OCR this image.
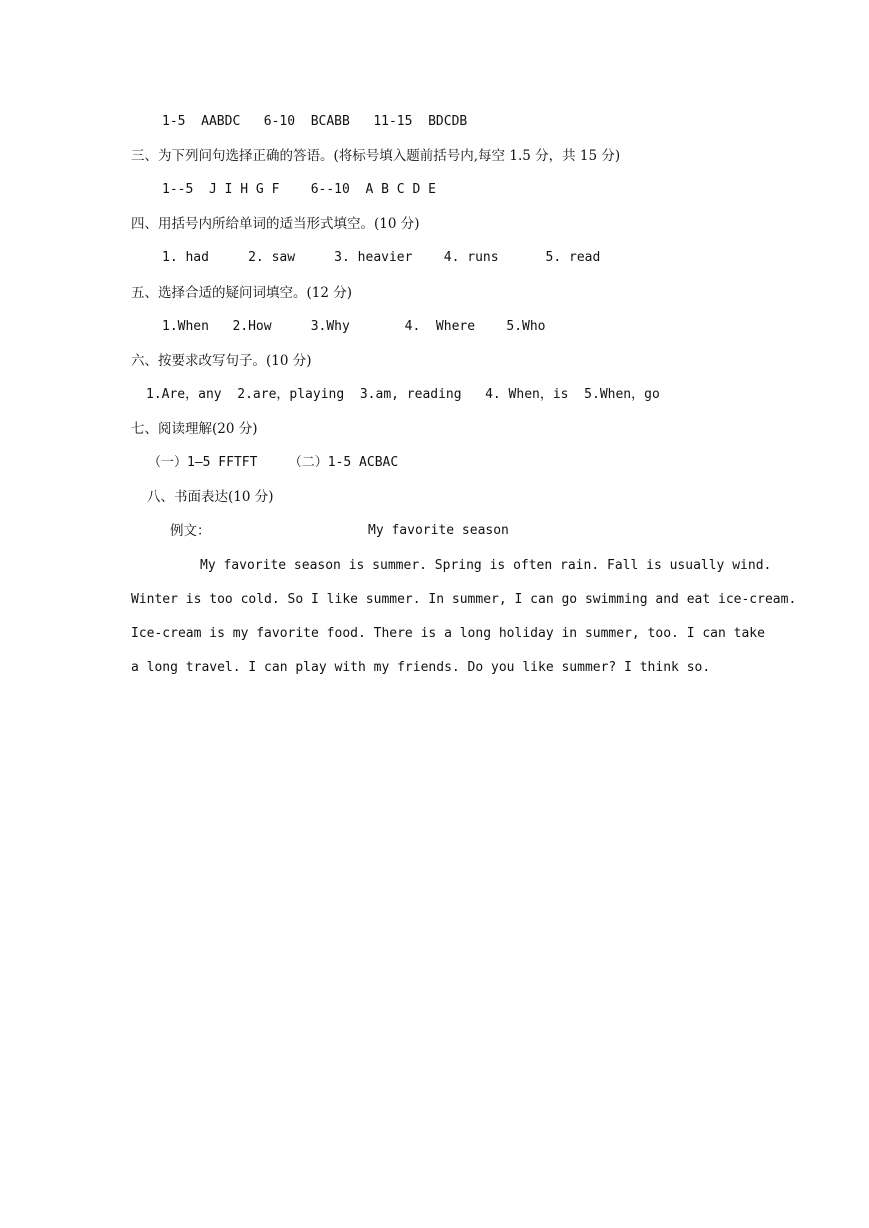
1-5  AABDC   6-10  BCABB   11-15  BDCDB
三、为下列问句选择正确的答语。(将标号填入题前括号内,每空 1.5 分，共 15 分)
1--5  J I H G F    6--10  A B C D E
四、用括号内所给单词的适当形式填空。(10 分)
1. had     2. saw     3. heavier    4. runs      5. read
五、选择合适的疑问词填空。(12 分)
1.When   2.How     3.Why       4.  Where    5.Who
六、按要求改写句子。(10 分)
1.Are，any  2.are，playing  3.am, reading   4. When，is  5.When，go
七、阅读理解(20 分)
（一）1—5 FFTFT    （二）1-5 ACBAC
八、书面表达(10 分)
例文：	My favorite season
My favorite season is summer. Spring is often rain. Fall is usually wind.
Winter is too cold. So I like summer. In summer, I can go swimming and eat ice-cream.
Ice-cream is my favorite food. There is a long holiday in summer, too. I can take
a long travel. I can play with my friends. Do you like summer? I think so.
